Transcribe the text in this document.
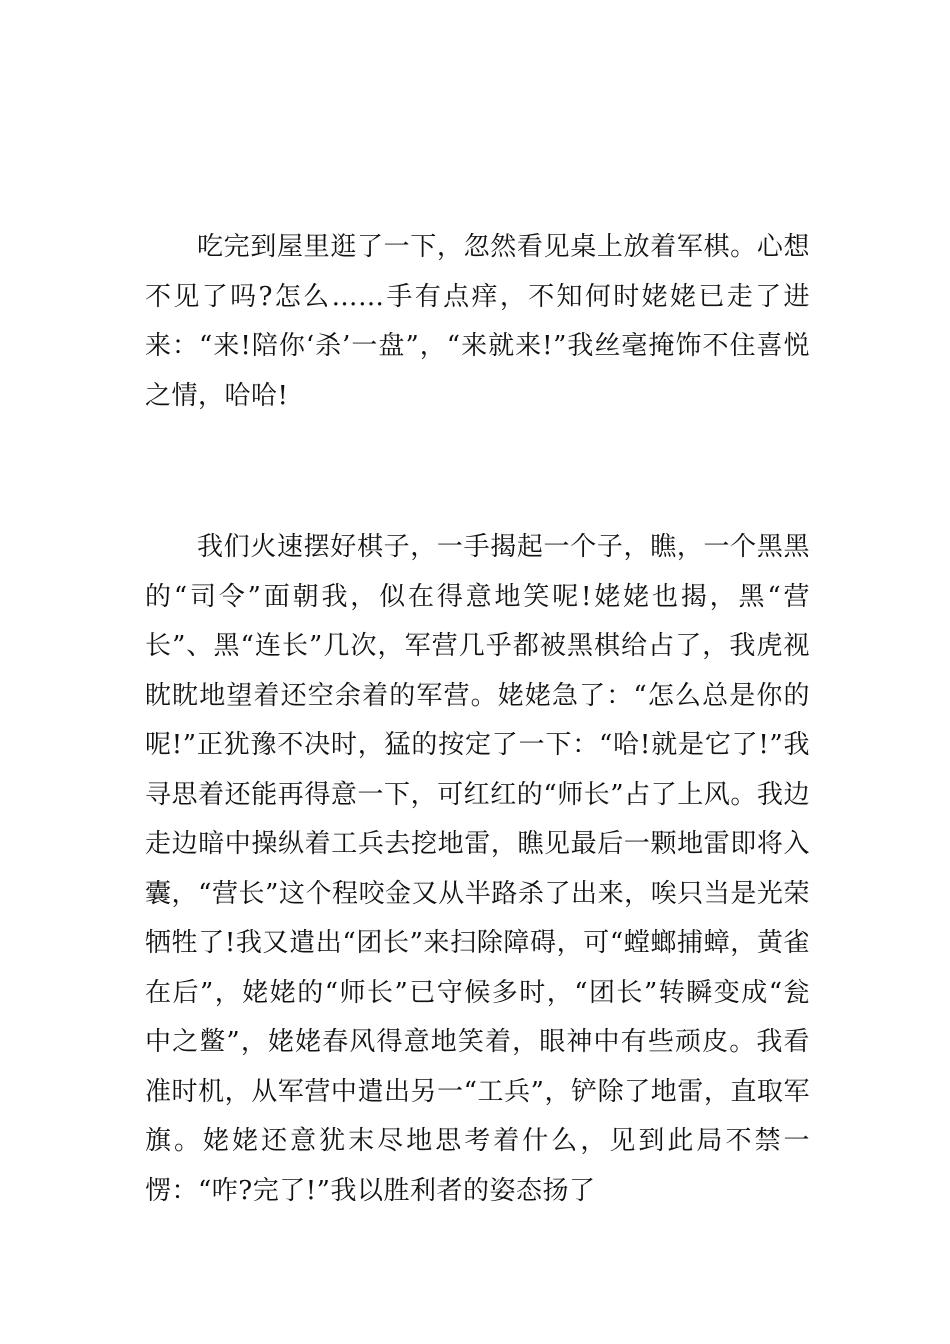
吃完到屋里逛了一下，忽然看见桌上放着军棋。心想不见了吗?怎么……手有点痒，不知何时姥姥已走了进来：“来!陪你‘杀’一盘”，“来就来!”我丝毫掩饰不住喜悦之情，哈哈!

我们火速摆好棋子，一手揭起一个子，瞧，一个黑黑的“司令”面朝我，似在得意地笑呢!姥姥也揭，黑“营长”、黑“连长”几次，军营几乎都被黑棋给占了，我虎视眈眈地望着还空余着的军营。姥姥急了：“怎么总是你的呢!”正犹豫不决时，猛的按定了一下：“哈!就是它了!”我寻思着还能再得意一下，可红红的“师长”占了上风。我边走边暗中操纵着工兵去挖地雷，瞧见最后一颗地雷即将入囊，“营长”这个程咬金又从半路杀了出来，唉只当是光荣牺牲了!我又遣出“团长”来扫除障碍，可“螳螂捕蟑，黄雀在后”，姥姥的“师长”已守候多时，“团长”转瞬变成“瓮中之鳖”，姥姥春风得意地笑着，眼神中有些顽皮。我看准时机，从军营中遣出另一“工兵”，铲除了地雷，直取军旗。姥姥还意犹末尽地思考着什么，见到此局不禁一愣：“咋?完了!”我以胜利者的姿态扬了
